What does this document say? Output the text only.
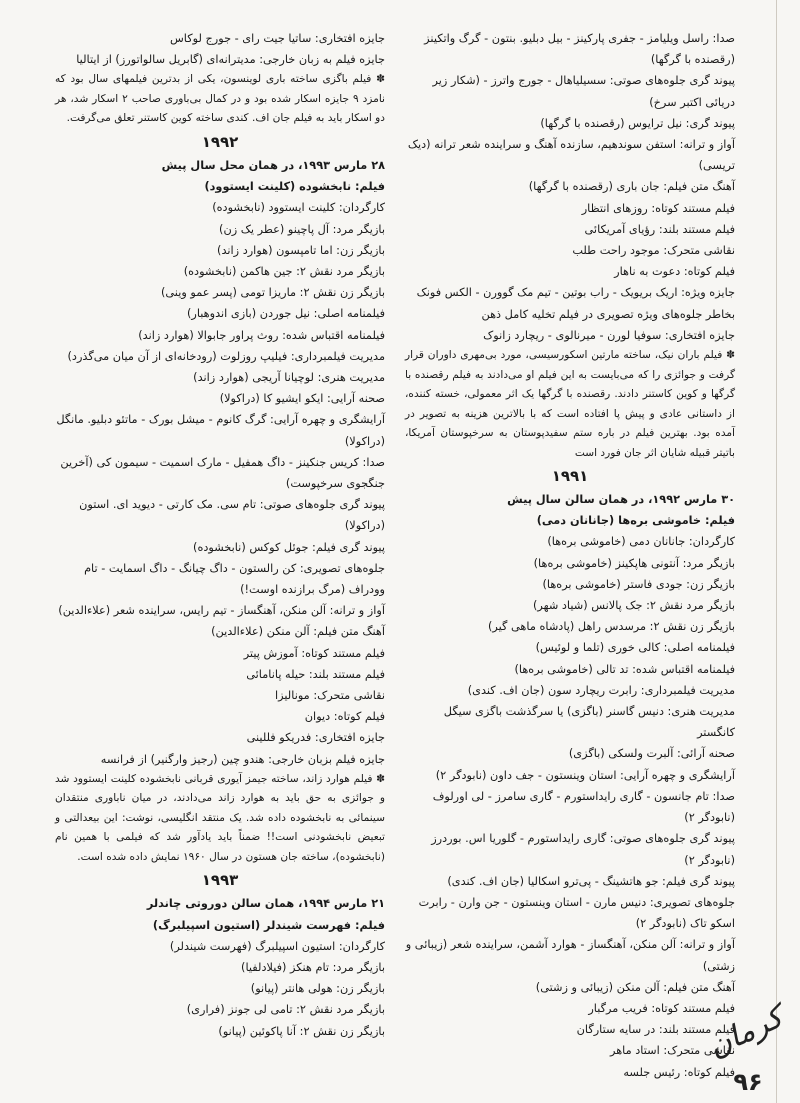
صدا: راسل ویلیامز - جفری پارکینز - بیل دبلیو. بنتون - گرگ واتکینز (رقصنده با گرگها)

پیوند گری جلوه‌های صوتی: سسیلیاهال - جورج واترز - (شکار زیر دریائی اکتبر سرخ)

پیوند گری: نیل ترایوس (رقصنده با گرگها)

آواز و ترانه: استفن سوندهیم، سازنده آهنگ و سراینده شعر ترانه (دیک تریسی)

آهنگ متن فیلم: جان باری (رقصنده با گرگها)

فیلم مستند کوتاه: روزهای انتظار

فیلم مستند بلند: رؤیای آمریکائی

نقاشی متحرک: موجود راحت طلب

فیلم کوتاه: دعوت به ناهار

جایزه ویژه: اریک بریویک - راب بوتین - تیم مک گوورن - الکس فونک بخاطر جلوه‌های ویژه تصویری در فیلم تخلیه کامل ذهن

جایزه افتخاری: سوفیا لورن - میرنالوی - ریچارد زانوک

✽ فیلم باران نیک، ساخته مارتین اسکورسیسی، مورد بی‌مهری داوران قرار گرفت و جوائزی را که می‌بایست به این فیلم او می‌دادند به فیلم رقصنده با گرگها و کوین کاستنر دادند. رقصنده با گرگها یک اثر معمولی، خسته کننده، از داستانی عادی و پیش پا افتاده است که با بالاترین هزینه به تصویر در آمده بود. بهترین فیلم در باره ستم سفیدپوستان به سرخپوستان آمریکا، باتیتر قبیله شایان اثر جان فورد است

۱۹۹۱

۳۰ مارس ۱۹۹۲، در همان سالن سال پیش

فیلم: خاموشی بره‌ها (جانانان دمی)

کارگردان: جانانان دمی (خاموشی بره‌ها)

بازیگر مرد: آنتونی هاپکینز (خاموشی بره‌ها)

بازیگر زن: جودی فاستر (خاموشی بره‌ها)

بازیگر مرد نقش ۲: جک پالانس (شیاد شهر)

بازیگر زن نقش ۲: مرسدس راهل (پادشاه ماهی گیر)

فیلمنامه اصلی: کالی خوری (تلما و لوئیس)

فیلمنامه اقتباس شده: تد تالی (خاموشی بره‌ها)

مدیریت فیلمبرداری: رابرت ریچارد سون (جان اف. کندی)

مدیریت هنری: دنیس گاسنر (باگزی) یا سرگذشت باگزی سیگل کانگستر

صحنه آرائی: آلبرت ولسکی (باگزی)

آرایشگری و چهره آرایی: استان وینستون - جف داون (نابودگر ۲)

صدا: تام جانسون - گاری رایداستورم - گاری سامرز - لی اورلوف (نابودگر ۲)

پیوند گری جلوه‌های صوتی: گاری رایداستورم - گلوریا اس. بوردرز (نابودگر ۲)

پیوند گری فیلم: جو هاتشینگ - پی‌ترو اسکالیا (جان اف. کندی)

جلوه‌های تصویری: دنیس مارن - استان وینستون - جن وارن - رابرت اسکو تاک (نابودگر ۲)

آواز و ترانه: آلن منکن، آهنگساز - هوارد آشمن، سراینده شعر (زیبائی و زشتی)

آهنگ متن فیلم: آلن منکن (زیبائی و زشتی)

فیلم مستند کوتاه: فریب مرگبار

فیلم مستند بلند: در سایه ستارگان

نقاشی متحرک: استاد ماهر

فیلم کوتاه: رئیس جلسه

جایزه افتخاری: ساتیا جیت رای - جورج لوکاس

جایزه فیلم به زبان خارجی: مدیترانه‌ای (گابریل سالواتورز) از ایتالیا

✽ فیلم باگزی ساخته باری لوینسون، یکی از بدترین فیلمهای سال بود که نامزد ۹ جایزه اسکار شده بود و در کمال بی‌باوری صاحب ۲ اسکار شد، هر دو اسکار باید به فیلم جان اف. کندی ساخته کوین کاستنر تعلق می‌گرفت.

۱۹۹۲

۲۸ مارس ۱۹۹۳، در همان محل سال پیش

فیلم: نابخشوده (کلینت ایستوود)

کارگردان: کلینت ایستوود (نابخشوده)

بازیگر مرد: آل پاچینو (عطر یک زن)

بازیگر زن: اما تامپسون (هوارد زاند)

بازیگر مرد نقش ۲: جین هاکمن (نابخشوده)

بازیگر زن نقش ۲: ماریزا تومی (پسر عمو وینی)

فیلمنامه اصلی: نیل جوردن (بازی اندوهبار)

فیلمنامه اقتباس شده: روث پراور جابوالا (هوارد زاند)

مدیریت فیلمبرداری: فیلیپ روزلوت (رودخانه‌ای از آن میان می‌گذرد)

مدیریت هنری: لوچیانا آریجی (هوارد زاند)

صحنه آرایی: ایکو ایشیو کا (دراکولا)

آرایشگری و چهره آرایی: گرگ کانوم - میشل بورک - ماتئو دبلیو. مانگل (دراکولا)

صدا: کریس جنکینز - داگ همفیل - مارک اسمیت - سیمون کی (آخرین جنگجوی سرخپوست)

پیوند گری جلوه‌های صوتی: تام سی. مک کارتی - دیوید ای. استون (دراکولا)

پیوند گری فیلم: جوئل کوکس (نابخشوده)

جلوه‌های تصویری: کن رالستون - داگ چیانگ - داگ اسمایت - تام وودراف (مرگ برازنده اوست!)

آواز و ترانه: آلن منکن، آهنگساز - تیم رایس، سراینده شعر (علاءالدین)

آهنگ متن فیلم: آلن منکن (علاءالدین)

فیلم مستند کوتاه: آموزش پیتر

فیلم مستند بلند: حیله پانامائی

نقاشی متحرک: مونالیزا

فیلم کوتاه: دیوان

جایزه افتخاری: فدریکو فللینی

جایزه فیلم بزبان خارجی: هندو چین (رجیز وارگنیر) از فرانسه

✽ فیلم هوارد زاند، ساخته جیمز آیوری قربانی نابخشوده کلینت ایستوود شد و جوائزی به حق باید به هوارد زاند می‌دادند، در میان ناباوری منتقدان سینمائی به نابخشوده داده شد. یک منتقد انگلیسی، نوشت: این بیعدالتی و تبعیض نابخشودنی است!! ضمناً باید یادآور شد که فیلمی با همین نام (نابخشوده)، ساخته جان هستون در سال ۱۹۶۰ نمایش داده شده است.

۱۹۹۳

۲۱ مارس ۱۹۹۴، همان سالن دوروتی چاندلر

فیلم: فهرست شیندلر (استیون اسپیلبرگ)

کارگردان: استیون اسپیلبرگ (فهرست شیندلر)

بازیگر مرد: تام هنکز (فیلادلفیا)

بازیگر زن: هولی هانتر (پیانو)

بازیگر مرد نقش ۲: تامی لی جونز (فراری)

بازیگر زن نقش ۲: آنا پاکوئین (پیانو)	کرمان
۹۶
